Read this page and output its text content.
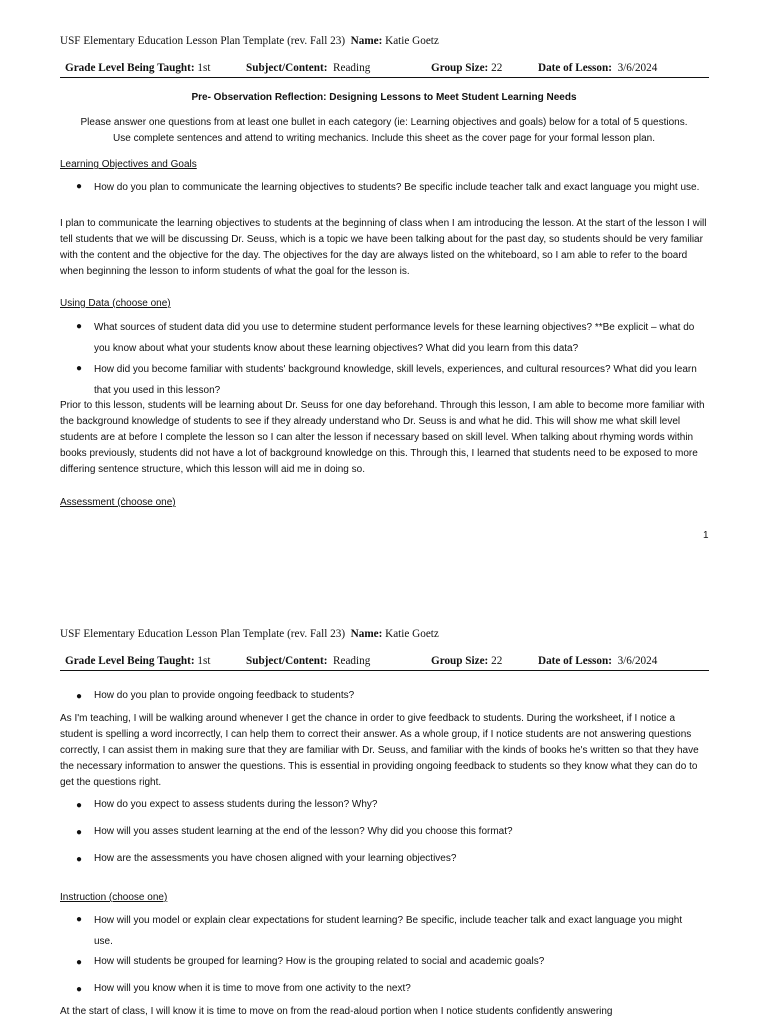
USF Elementary Education Lesson Plan Template (rev. Fall 23) Name: Katie Goetz
Grade Level Being Taught: 1st	Subject/Content: Reading	Group Size: 22	Date of Lesson: 3/6/2024

Pre- Observation Reflection: Designing Lessons to Meet Student Learning Needs

Please answer one questions from at least one bullet in each category (ie: Learning objectives and goals) below for a total of 5 questions.

Use complete sentences and attend to writing mechanics. Include this sheet as the cover page for your formal lesson plan.

Learning Objectives and Goals

● How do you plan to communicate the learning objectives to students? Be specific include teacher talk and exact language you might use.

I plan to communicate the learning objectives to students at the beginning of class when I am introducing the lesson. At the start of the lesson I will tell students that we will be discussing Dr. Seuss, which is a topic we have been talking about for the past day, so students should be very familiar with the content and the objective for the day. The objectives for the day are always listed on the whiteboard, so I am able to refer to the board when beginning the lesson to inform students of what the goal for the lesson is.

Using Data (choose one)

● What sources of student data did you use to determine student performance levels for these learning objectives? **Be explicit – what do you know about what your students know about these learning objectives? What did you learn from this data?

● How did you become familiar with students' background knowledge, skill levels, experiences, and cultural resources? What did you learn that you used in this lesson?

Prior to this lesson, students will be learning about Dr. Seuss for one day beforehand. Through this lesson, I am able to become more familiar with the background knowledge of students to see if they already understand who Dr. Seuss is and what he did. This will show me what skill level students are at before I complete the lesson so I can alter the lesson if necessary based on skill level. When talking about rhyming words within books previously, students did not have a lot of background knowledge on this. Through this, I learned that students need to be exposed to more differing sentence structure, which this lesson will aid me in doing so.

Assessment (choose one)

1
USF Elementary Education Lesson Plan Template (rev. Fall 23) Name: Katie Goetz
Grade Level Being Taught: 1st	Subject/Content: Reading	Group Size: 22	Date of Lesson: 3/6/2024
● How do you plan to provide ongoing feedback to students?

As I'm teaching, I will be walking around whenever I get the chance in order to give feedback to students. During the worksheet, if I notice a student is spelling a word incorrectly, I can help them to correct their answer. As a whole group, if I notice students are not answering questions correctly, I can assist them in making sure that they are familiar with Dr. Seuss, and familiar with the kinds of books he's written so that they have the necessary information to answer the questions. This is essential in providing ongoing feedback to students so they know what they can do to get the questions right.

● How do you expect to assess students during the lesson? Why?

● How will you asses student learning at the end of the lesson? Why did you choose this format?

● How are the assessments you have chosen aligned with your learning objectives?

Instruction (choose one)

● How will you model or explain clear expectations for student learning? Be specific, include teacher talk and exact language you might use.

● How will students be grouped for learning? How is the grouping related to social and academic goals?

● How will you know when it is time to move from one activity to the next?

At the start of class, I will know it is time to move on from the read-aloud portion when I notice students confidently answering
